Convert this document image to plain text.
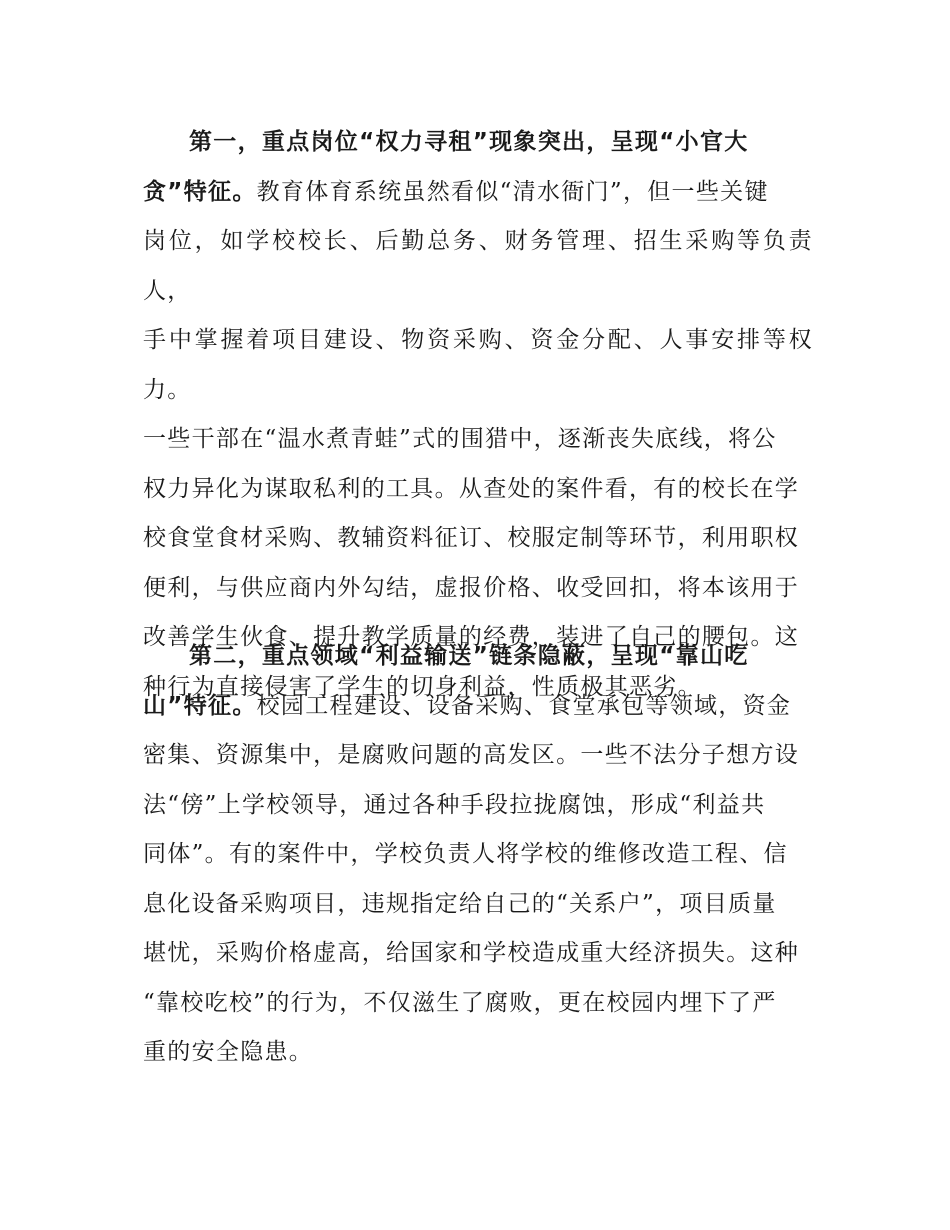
第一，重点岗位“权力寻租”现象突出，呈现“小官大
贪”特征。教育体育系统虽然看似“清水衙门”，但一些关键
岗位，如学校校长、后勤总务、财务管理、招生采购等负责人，
手中掌握着项目建设、物资采购、资金分配、人事安排等权力。
一些干部在“温水煮青蛙”式的围猎中，逐渐丧失底线，将公
权力异化为谋取私利的工具。从查处的案件看，有的校长在学
校食堂食材采购、教辅资料征订、校服定制等环节，利用职权
便利，与供应商内外勾结，虚报价格、收受回扣，将本该用于
改善学生伙食、提升教学质量的经费，装进了自己的腰包。这
种行为直接侵害了学生的切身利益，性质极其恶劣。

第二，重点领域“利益输送”链条隐蔽，呈现“靠山吃
山”特征。校园工程建设、设备采购、食堂承包等领域，资金
密集、资源集中，是腐败问题的高发区。一些不法分子想方设
法“傍”上学校领导，通过各种手段拉拢腐蚀，形成“利益共
同体”。有的案件中，学校负责人将学校的维修改造工程、信
息化设备采购项目，违规指定给自己的“关系户”，项目质量
堪忧，采购价格虚高，给国家和学校造成重大经济损失。这种
“靠校吃校”的行为，不仅滋生了腐败，更在校园内埋下了严
重的安全隐患。
